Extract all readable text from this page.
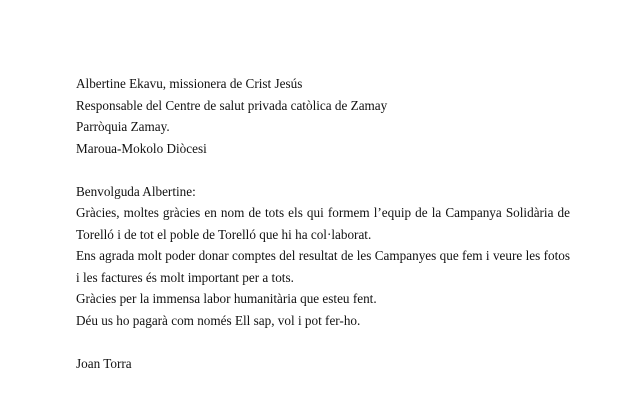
Albertine Ekavu, missionera de Crist Jesús
Responsable del Centre de salut privada catòlica de Zamay
Parròquia Zamay.
Maroua-Mokolo Diòcesi
Benvolguda Albertine:
Gràcies, moltes gràcies en nom de tots els qui formem l’equip de la Campanya Solidària de Torelló i de tot el poble de Torelló que hi ha col·laborat.
Ens agrada molt poder donar comptes del resultat de les Campanyes que fem i veure les fotos i les factures és molt important per a tots.
Gràcies per la immensa labor humanitària que esteu fent.
Déu us ho pagarà com només Ell sap, vol i pot fer-ho.
Joan Torra
